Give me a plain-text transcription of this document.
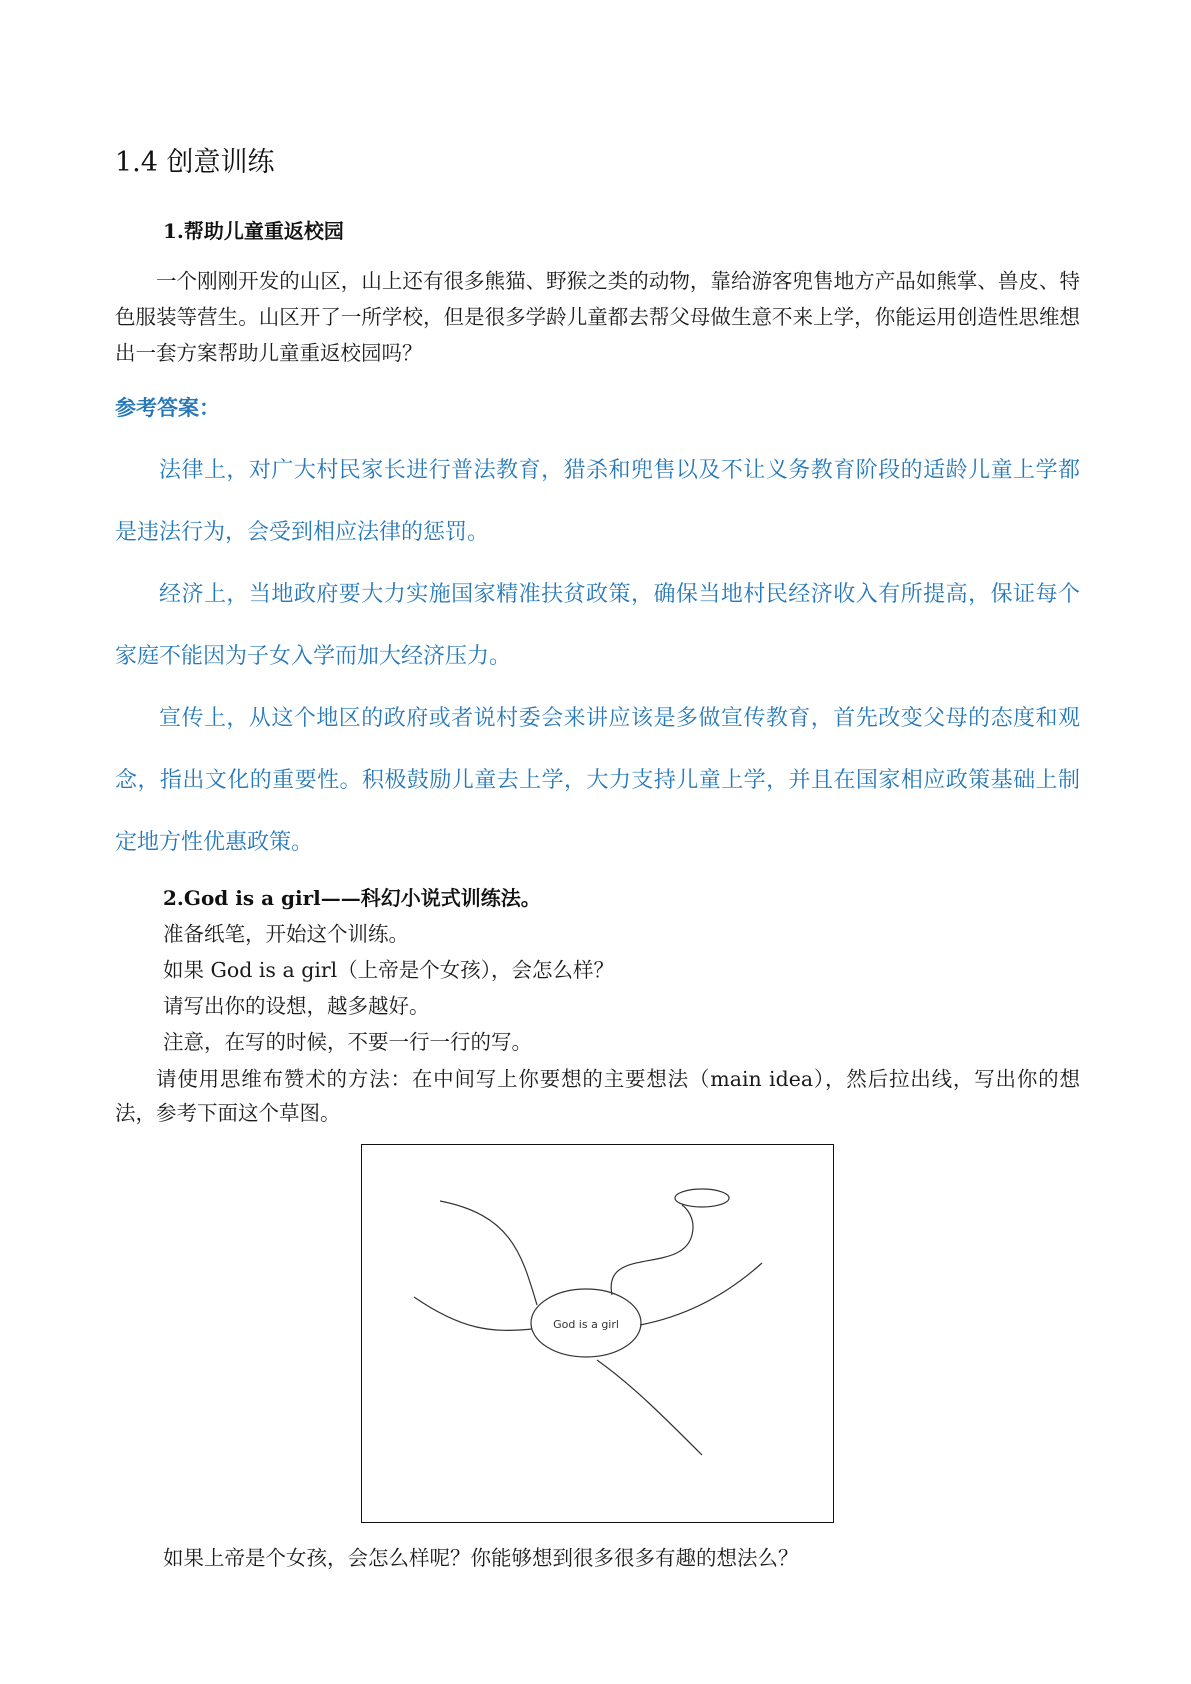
1.4 创意训练
1.帮助儿童重返校园
一个刚刚开发的山区，山上还有很多熊猫、野猴之类的动物，靠给游客兜售地方产品如熊掌、兽皮、特色服装等营生。山区开了一所学校，但是很多学龄儿童都去帮父母做生意不来上学，你能运用创造性思维想出一套方案帮助儿童重返校园吗？
参考答案：
法律上，对广大村民家长进行普法教育，猎杀和兜售以及不让义务教育阶段的适龄儿童上学都是违法行为，会受到相应法律的惩罚。
经济上，当地政府要大力实施国家精准扶贫政策，确保当地村民经济收入有所提高，保证每个家庭不能因为子女入学而加大经济压力。
宣传上，从这个地区的政府或者说村委会来讲应该是多做宣传教育，首先改变父母的态度和观念，指出文化的重要性。积极鼓励儿童去上学，大力支持儿童上学，并且在国家相应政策基础上制定地方性优惠政策。
2.God is a girl——科幻小说式训练法。
准备纸笔，开始这个训练。
如果 God is a girl（上帝是个女孩），会怎么样？
请写出你的设想，越多越好。
注意，在写的时候，不要一行一行的写。
请使用思维布赞术的方法：在中间写上你要想的主要想法（main idea），然后拉出线，写出你的想法，参考下面这个草图。
God is a girl
如果上帝是个女孩，会怎么样呢？你能够想到很多很多有趣的想法么？
